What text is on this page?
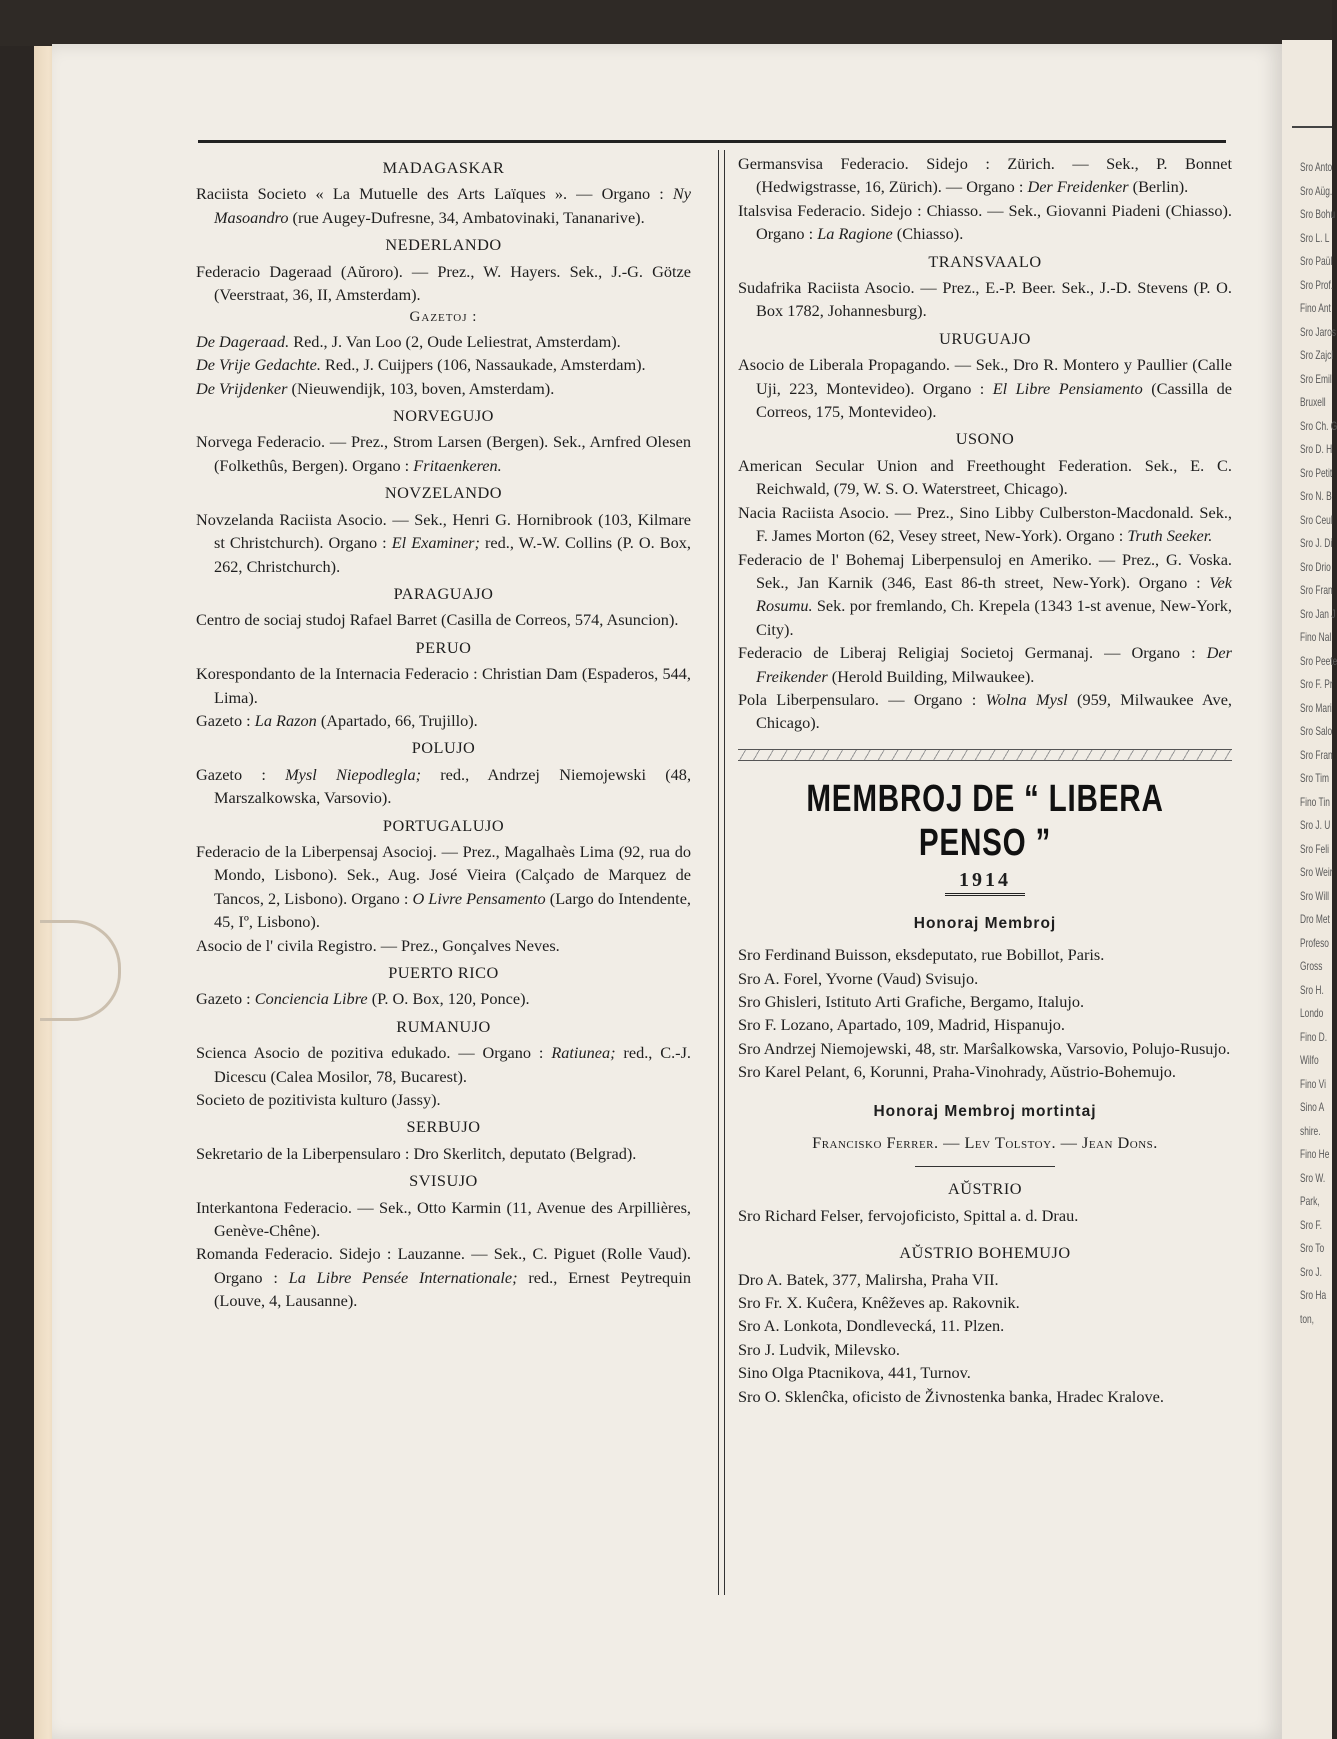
Sro Anto
Sro Aüg.
Sro Bohu
Sro L. L
Sro Paül
Sro Prof.
Fino Ant
Sro Jaros
Sro Zajcl
Sro Emil
Bruxell
Sro Ch. G
Sro D. H
Sro Petit
Sro N. B
Sro Ceul
Sro J. Di
Sro Drio
Sro Fran
Sro Jan J
Fino Nal
Sro Peete
Sro F. Pr
Sro Mari
Sro Salo
Sro Fran
Sro Tim
Fino Tin
Sro J. U
Sro Feli
Sro Weir
Sro Will
Dro Met
Profeso
Gross
Sro H.
Londo
Fino D.
Wilfo
Fino Vi
Sino A
shire.
Fino He
Sro W.
Park,
Sro F.
Sro To
Sro J.
Sro Ha
ton,
MADAGASKAR
Raciista Societo « La Mutuelle des Arts Laïques ». — Organo : Ny Masoandro (rue Augey-Dufresne, 34, Ambatovinaki, Tananarive).
NEDERLANDO
Federacio Dageraad (Aŭroro). — Prez., W. Hayers. Sek., J.-G. Götze (Veerstraat, 36, II, Amsterdam).
Gazetoj :
De Dageraad. Red., J. Van Loo (2, Oude Leliestrat, Amsterdam).
De Vrije Gedachte. Red., J. Cuijpers (106, Nassaukade, Amsterdam).
De Vrijdenker (Nieuwendijk, 103, boven, Amsterdam).
NORVEGUJO
Norvega Federacio. — Prez., Strom Larsen (Bergen). Sek., Arnfred Olesen (Folkethûs, Bergen). Organo : Fritaenkeren.
NOVZELANDO
Novzelanda Raciista Asocio. — Sek., Henri G. Hornibrook (103, Kilmare st Christchurch). Organo : El Examiner; red., W.-W. Collins (P. O. Box, 262, Christchurch).
PARAGUAJO
Centro de sociaj studoj Rafael Barret (Casilla de Correos, 574, Asuncion).
PERUO
Korespondanto de la Internacia Federacio : Christian Dam (Espaderos, 544, Lima).
Gazeto : La Razon (Apartado, 66, Trujillo).
POLUJO
Gazeto : Mysl Niepodlegla; red., Andrzej Niemojewski (48, Marszalkowska, Varsovio).
PORTUGALUJO
Federacio de la Liberpensaj Asocioj. — Prez., Magalhaès Lima (92, rua do Mondo, Lisbono). Sek., Aug. José Vieira (Calçado de Marquez de Tancos, 2, Lisbono). Organo : O Livre Pensamento (Largo do Intendente, 45, Iº, Lisbono).
Asocio de l' civila Registro. — Prez., Gonçalves Neves.
PUERTO RICO
Gazeto : Conciencia Libre (P. O. Box, 120, Ponce).
RUMANUJO
Scienca Asocio de pozitiva edukado. — Organo : Ratiunea; red., C.-J. Dicescu (Calea Mosilor, 78, Bucarest).
Societo de pozitivista kulturo (Jassy).
SERBUJO
Sekretario de la Liberpensularo : Dro Skerlitch, deputato (Belgrad).
SVISUJO
Interkantona Federacio. — Sek., Otto Karmin (11, Avenue des Arpillières, Genève-Chêne).
Romanda Federacio. Sidejo : Lauzanne. — Sek., C. Piguet (Rolle Vaud). Organo : La Libre Pensée Internationale; red., Ernest Peytrequin (Louve, 4, Lausanne).
Germansvisa Federacio. Sidejo : Zürich. — Sek., P. Bonnet (Hedwigstrasse, 16, Zürich). — Organo : Der Freidenker (Berlin).
Italsvisa Federacio. Sidejo : Chiasso. — Sek., Giovanni Piadeni (Chiasso). Organo : La Ragione (Chiasso).
TRANSVAALO
Sudafrika Raciista Asocio. — Prez., E.-P. Beer. Sek., J.-D. Stevens (P. O. Box 1782, Johannesburg).
URUGUAJO
Asocio de Liberala Propagando. — Sek., Dro R. Montero y Paullier (Calle Uji, 223, Montevideo). Organo : El Libre Pensiamento (Cassilla de Correos, 175, Montevideo).
USONO
American Secular Union and Freethought Federation. Sek., E. C. Reichwald, (79, W. S. O. Waterstreet, Chicago).
Nacia Raciista Asocio. — Prez., Sino Libby Culberston-Macdonald. Sek., F. James Morton (62, Vesey street, New-York). Organo : Truth Seeker.
Federacio de l' Bohemaj Liberpensuloj en Ameriko. — Prez., G. Voska. Sek., Jan Karnik (346, East 86-th street, New-York). Organo : Vek Rosumu. Sek. por fremlando, Ch. Krepela (1343 1-st avenue, New-York, City).
Federacio de Liberaj Religiaj Societoj Germanaj. — Organo : Der Freikender (Herold Building, Milwaukee).
Pola Liberpensularo. — Organo : Wolna Mysl (959, Milwaukee Ave, Chicago).
MEMBROJ DE “ LIBERA PENSO ”
1914
Honoraj Membroj
Sro Ferdinand Buisson, eksdeputato, rue Bobillot, Paris.
Sro A. Forel, Yvorne (Vaud) Svisujo.
Sro Ghisleri, Istituto Arti Grafiche, Bergamo, Italujo.
Sro F. Lozano, Apartado, 109, Madrid, Hispanujo.
Sro Andrzej Niemojewski, 48, str. Marŝalkowska, Varsovio, Polujo-Rusujo.
Sro Karel Pelant, 6, Korunni, Praha-Vinohrady, Aŭstrio-Bohemujo.
Honoraj Membroj mortintaj
Francisko Ferrer. — Lev Tolstoy. — Jean Dons.
AŬSTRIO
Sro Richard Felser, fervojoficisto, Spittal a. d. Drau.
AŬSTRIO BOHEMUJO
Dro A. Batek, 377, Malirsha, Praha VII.
Sro Fr. X. Kuĉera, Knêževes ap. Rakovnik.
Sro A. Lonkota, Dondlevecká, 11. Plzen.
Sro J. Ludvik, Milevsko.
Sino Olga Ptacnikova, 441, Turnov.
Sro O. Sklenĉka, oficisto de Živnostenka banka, Hradec Kralove.
